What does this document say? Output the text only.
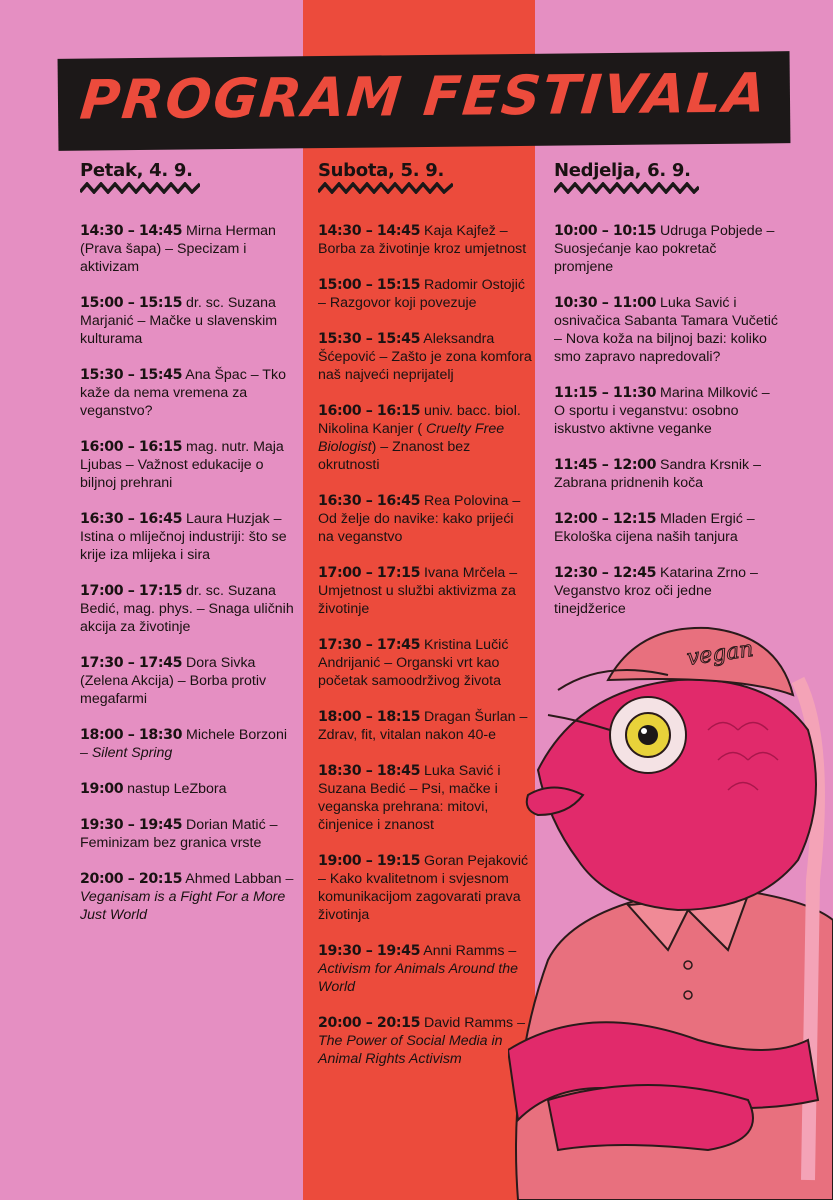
PROGRAM FESTIVALA
Petak, 4. 9.

14:30 – 14:45 Mirna Herman (Prava šapa) – Specizam i aktivizam

15:00 – 15:15 dr. sc. Suzana Marjanić – Mačke u slavenskim kulturama

15:30 – 15:45 Ana Špac – Tko kaže da nema vremena za veganstvo?

16:00 – 16:15 mag. nutr. Maja Ljubas – Važnost edukacije o biljnoj prehrani

16:30 – 16:45 Laura Huzjak – Istina o mliječnoj industriji: što se krije iza mlijeka i sira

17:00 – 17:15 dr. sc. Suzana Bedić, mag. phys. – Snaga uličnih akcija za životinje

17:30 – 17:45 Dora Sivka (Zelena Akcija) – Borba protiv megafarmi

18:00 – 18:30 Michele Borzoni – Silent Spring

19:00 nastup LeZbora

19:30 – 19:45 Dorian Matić – Feminizam bez granica vrste

20:00 – 20:15 Ahmed Labban – Veganisam is a Fight For a More Just World

Subota, 5. 9.

14:30 – 14:45 Kaja Kajfež – Borba za životinje kroz umjetnost

15:00 – 15:15 Radomir Ostojić – Razgovor koji povezuje

15:30 – 15:45 Aleksandra Šćepović – Zašto je zona komfora naš najveći neprijatelj

16:00 – 16:15 univ. bacc. biol. Nikolina Kanjer ( Cruelty Free Biologist) – Znanost bez okrutnosti

16:30 – 16:45 Rea Polovina – Od želje do navike: kako prijeći na veganstvo

17:00 – 17:15 Ivana Mrčela – Umjetnost u službi aktivizma za životinje

17:30 – 17:45 Kristina Lučić Andrijanić – Organski vrt kao početak samoodrživog života

18:00 – 18:15 Dragan Šurlan – Zdrav, fit, vitalan nakon 40-e

18:30 – 18:45 Luka Savić i Suzana Bedić – Psi, mačke i veganska prehrana: mitovi, činjenice i znanost

19:00 – 19:15 Goran Pejaković – Kako kvalitetnom i svjesnom komunikacijom zagovarati prava životinja

19:30 – 19:45 Anni Ramms – Activism for Animals Around the World

20:00 – 20:15 David Ramms – The Power of Social Media in Animal Rights Activism

Nedjelja, 6. 9.

10:00 – 10:15 Udruga Pobjede – Suosjećanje kao pokretač promjene

10:30 – 11:00 Luka Savić i osnivačica Sabanta Tamara Vučetić – Nova koža na biljnoj bazi: koliko smo zapravo napredovali?

11:15 – 11:30 Marina Milković – O sportu i veganstvu: osobno iskustvo aktivne veganke

11:45 – 12:00 Sandra Krsnik – Zabrana pridnenih koča

12:00 – 12:15 Mladen Ergić – Ekološka cijena naših tanjura

12:30 – 12:45 Katarina Zrno – Veganstvo kroz oči jedne tinejdžerice

vegan
